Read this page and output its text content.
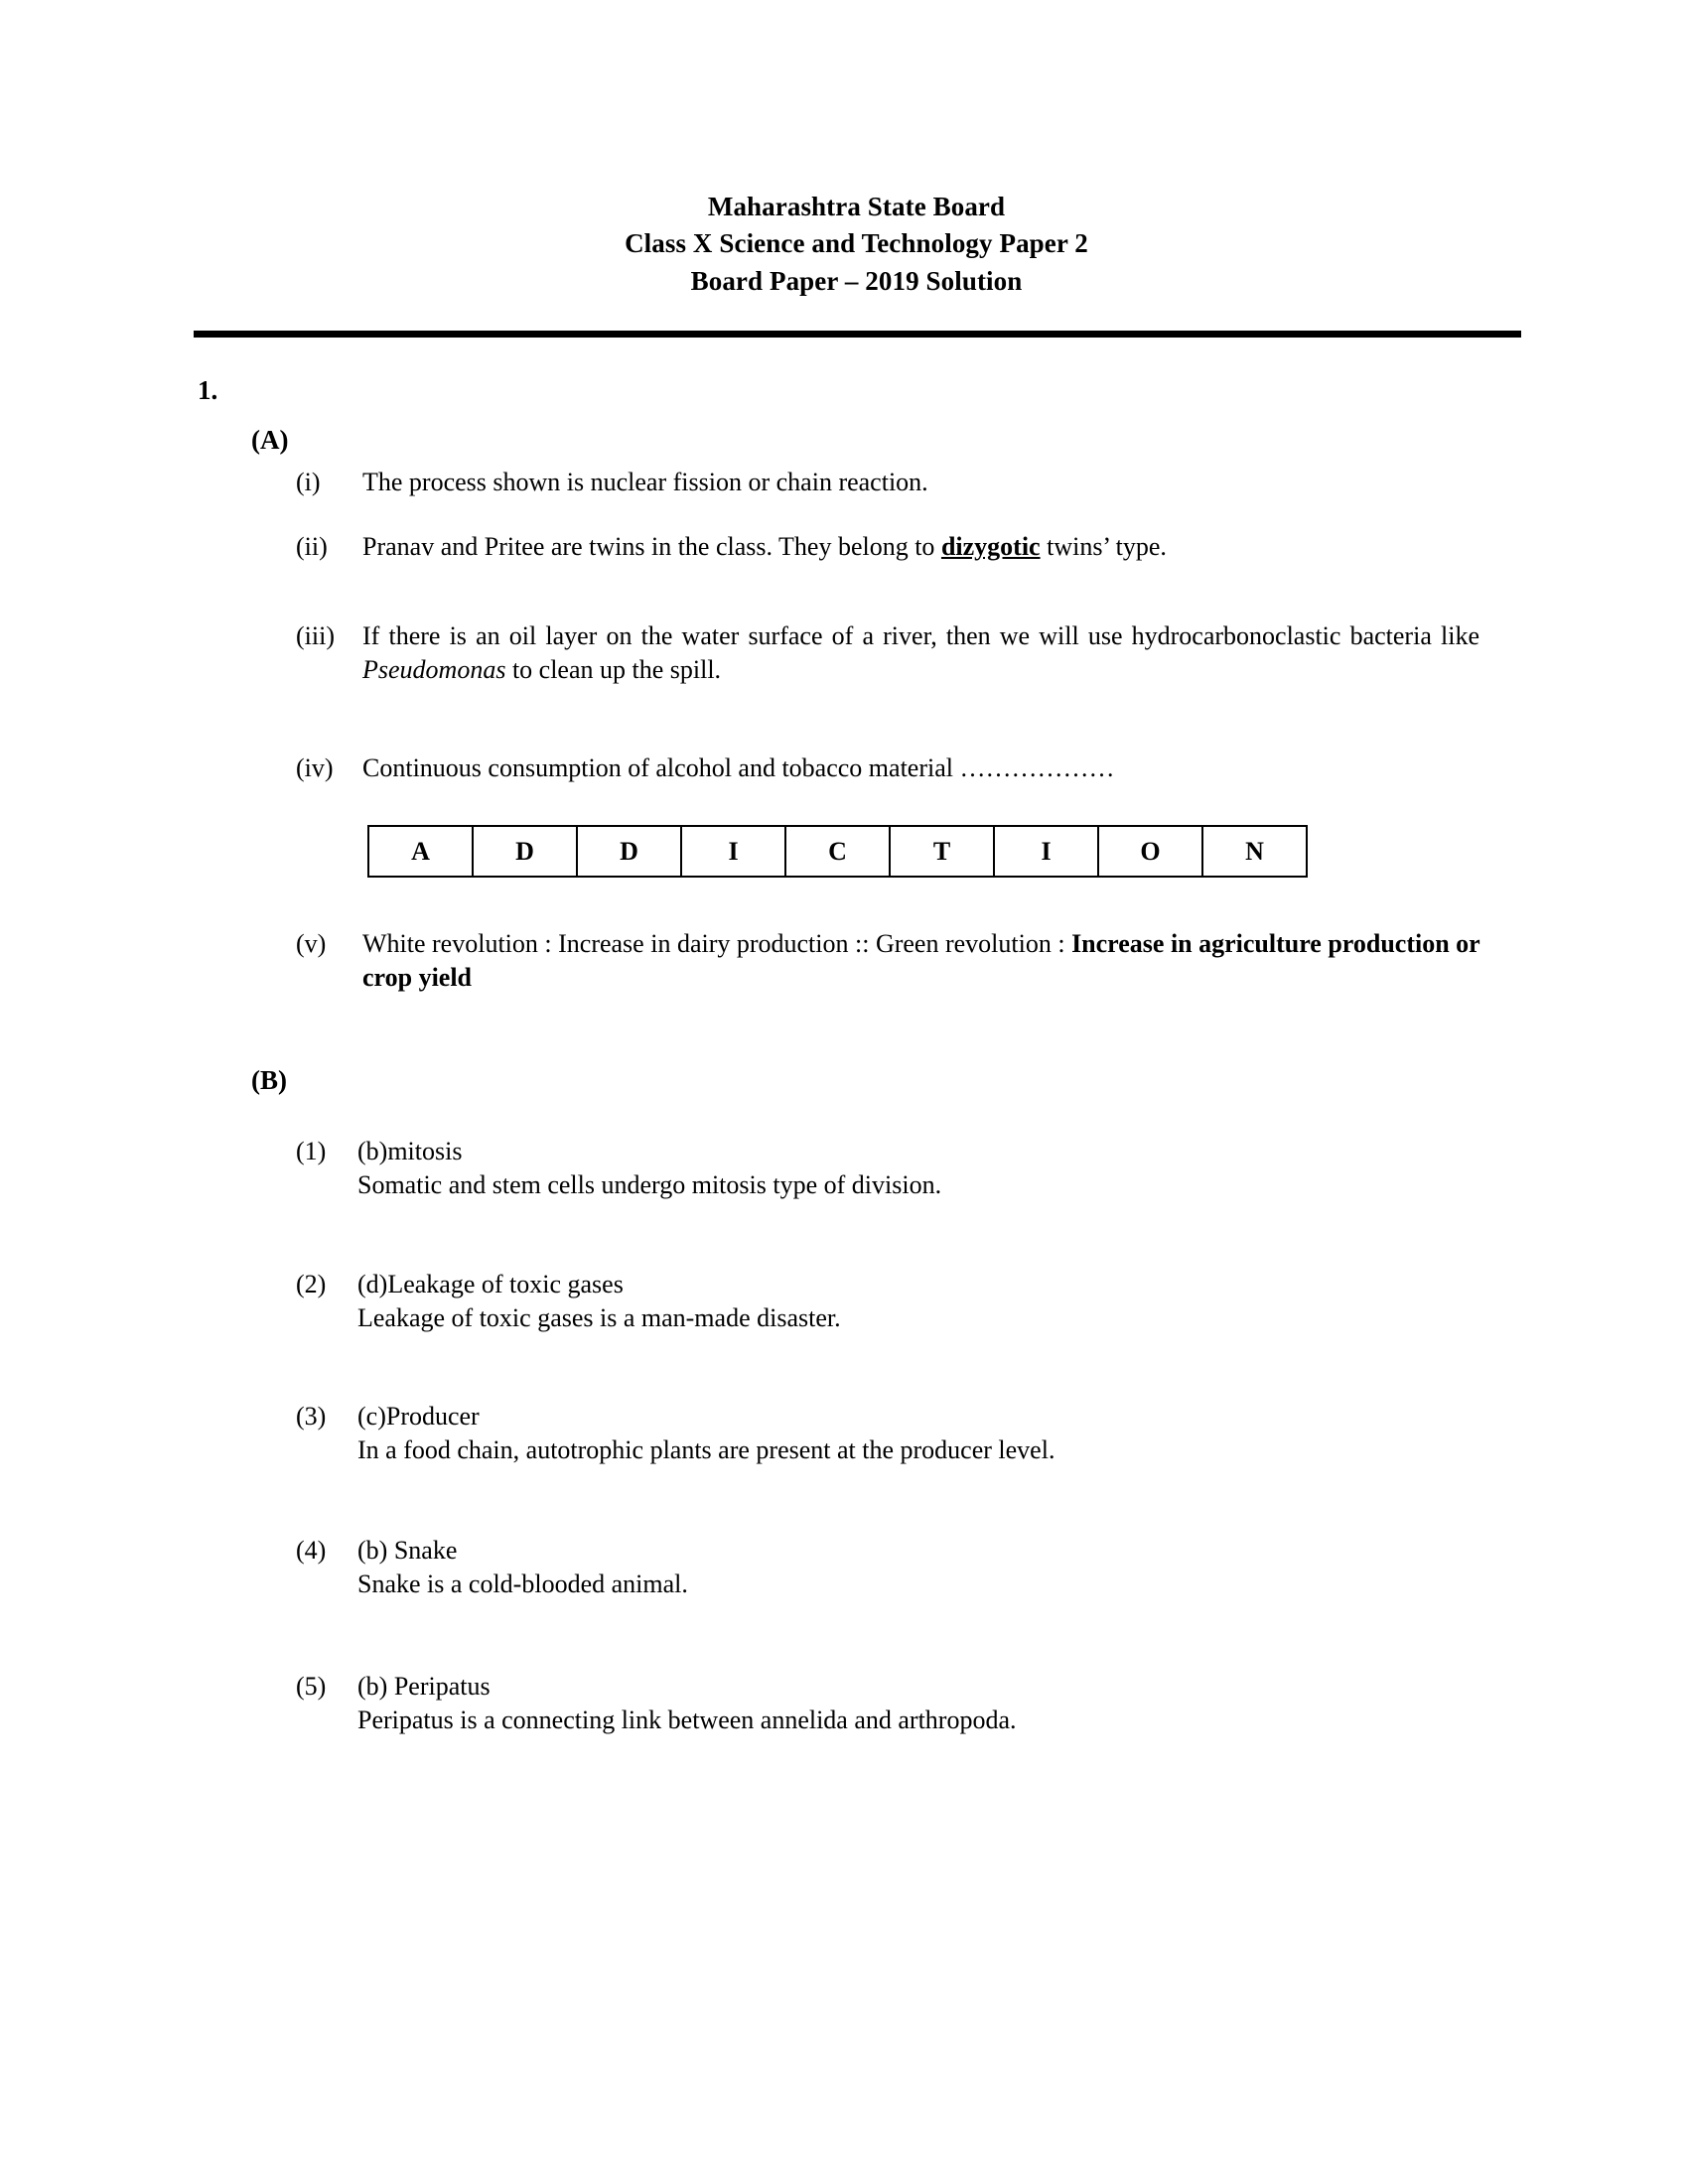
Maharashtra State Board
Class X Science and Technology Paper 2
Board Paper – 2019 Solution
1.
(A)
(i)	The process shown is nuclear fission or chain reaction.
(ii)	Pranav and Pritee are twins in the class. They belong to dizygotic twins’ type.
(iii)	If there is an oil layer on the water surface of a river, then we will use hydrocarbonoclastic bacteria like Pseudomonas to clean up the spill.
(iv)	Continuous consumption of alcohol and tobacco material ………………
A	D	D	I	C	T	I	O	N
(v)	White revolution : Increase in dairy production :: Green revolution : Increase in agriculture production or crop yield
(B)
(1)	(b)mitosis
Somatic and stem cells undergo mitosis type of division.
(2)	(d)Leakage of toxic gases
Leakage of toxic gases is a man-made disaster.
(3)	(c)Producer
In a food chain, autotrophic plants are present at the producer level.
(4)	(b) Snake
Snake is a cold-blooded animal.
(5)	(b) Peripatus
Peripatus is a connecting link between annelida and arthropoda.
